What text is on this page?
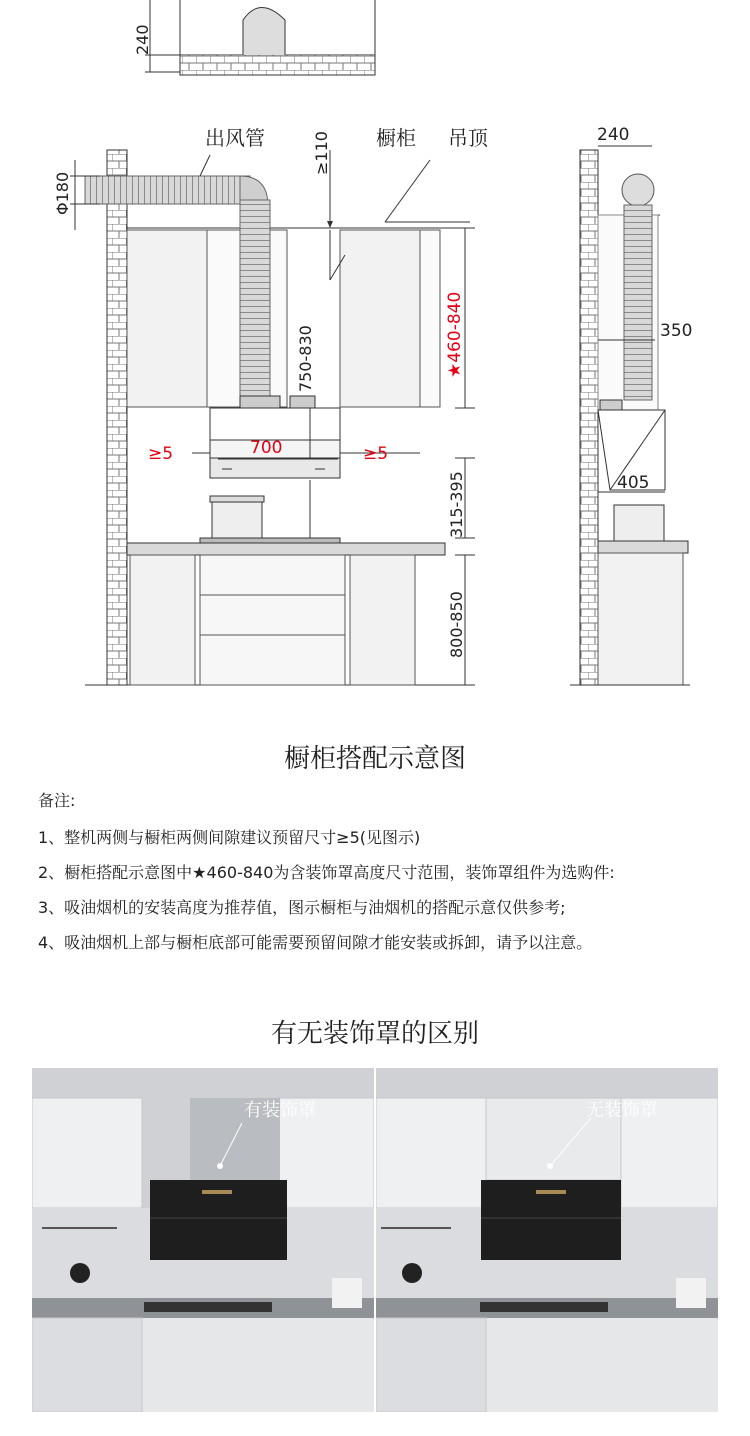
240
Φ180
出风管	≥110 橱柜 吊顶
★460-840
750-830
≥5	700	≥5
315-395
800-850
240
350
405
橱柜搭配示意图
备注:
1、整机两侧与橱柜两侧间隙建议预留尺寸≥5(见图示)
2、橱柜搭配示意图中★460-840为含装饰罩高度尺寸范围，装饰罩组件为选购件:
3、吸油烟机的安装高度为推荐值，图示橱柜与油烟机的搭配示意仅供参考;
4、吸油烟机上部与橱柜底部可能需要预留间隙才能安装或拆卸，请予以注意。
有无装饰罩的区别
有装饰罩	无装饰罩
